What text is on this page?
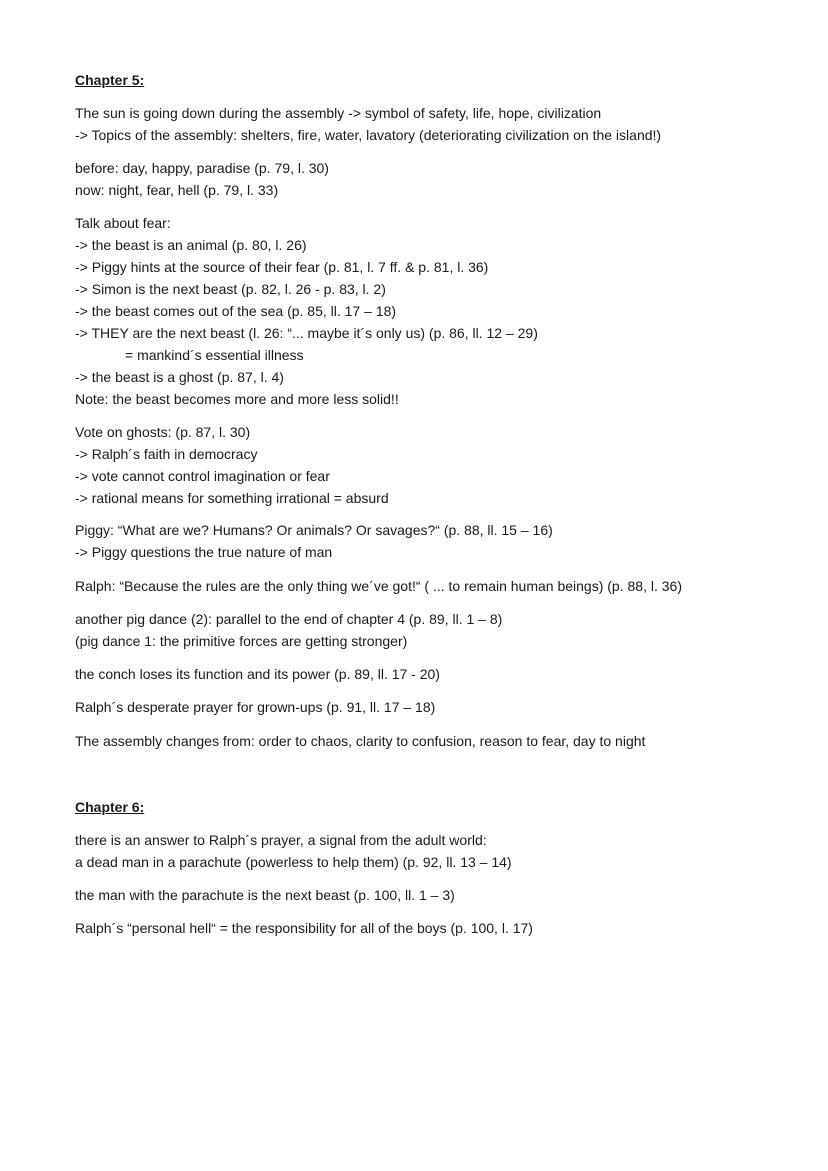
Chapter 5:
The sun is going down during the assembly -> symbol of safety, life, hope, civilization
-> Topics of the assembly: shelters, fire, water, lavatory (deteriorating civilization on the island!)
before: day, happy, paradise (p. 79, l. 30)
now: night, fear, hell (p. 79, l. 33)
Talk about fear:
-> the beast is an animal (p. 80, l. 26)
-> Piggy hints at the source of their fear (p. 81, l. 7 ff. & p. 81, l. 36)
-> Simon is the next beast (p. 82, l. 26 - p. 83, l. 2)
-> the beast comes out of the sea (p. 85, ll. 17 – 18)
-> THEY are the next beast (l. 26: “... maybe it´s only us) (p. 86, ll. 12 – 29)
= mankind´s essential illness
-> the beast is a ghost (p. 87, l. 4)
Note: the beast becomes more and more less solid!!
Vote on ghosts: (p. 87, l. 30)
-> Ralph´s faith in democracy
-> vote cannot control imagination or fear
-> rational means for something irrational = absurd
Piggy: “What are we? Humans? Or animals? Or savages?“ (p. 88, ll. 15 – 16)
-> Piggy questions the true nature of man
Ralph: “Because the rules are the only thing we´ve got!“ ( ... to remain human beings) (p. 88, l. 36)
another pig dance (2): parallel to the end of chapter 4 (p. 89, ll. 1 – 8)
(pig dance 1: the primitive forces are getting stronger)
the conch loses its function and its power (p. 89, ll. 17 - 20)
Ralph´s desperate prayer for grown-ups (p. 91, ll. 17 – 18)
The assembly changes from: order to chaos, clarity to confusion, reason to fear, day to night
Chapter 6:
there is an answer to Ralph´s prayer, a signal from the adult world:
a dead man in a parachute (powerless to help them) (p. 92, ll. 13 – 14)
the man with the parachute is the next beast (p. 100, ll. 1 – 3)
Ralph´s “personal hell“ = the responsibility for all of the boys (p. 100, l. 17)
